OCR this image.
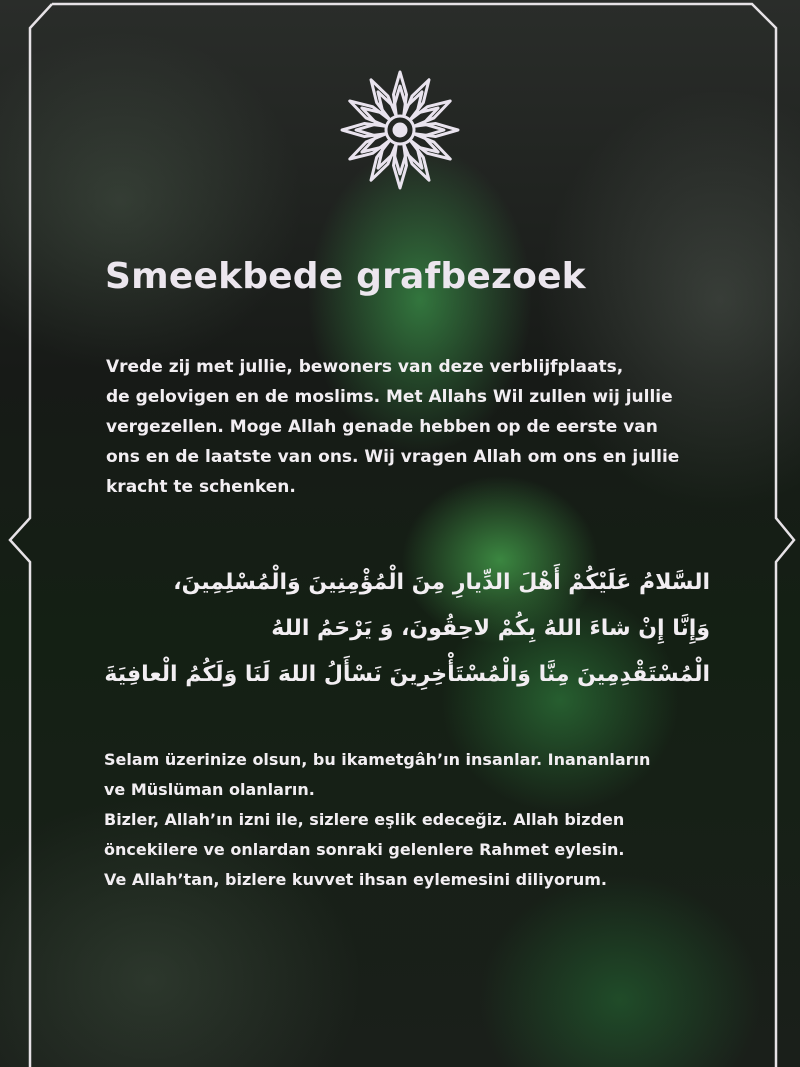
Smeekbede grafbezoek
Vrede zij met jullie, bewoners van deze verblijfplaats,
de gelovigen en de moslims. Met Allahs Wil zullen wij jullie
vergezellen. Moge Allah genade hebben op de eerste van
ons en de laatste van ons. Wij vragen Allah om ons en jullie
kracht te schenken.
السَّلامُ عَلَيْكُمْ أَهْلَ الدِّيارِ مِنَ الْمُؤْمِنِينَ وَالْمُسْلِمِينَ،
وَإِنَّا إِنْ شاءَ اللهُ بِكُمْ لاحِقُونَ، وَ يَرْحَمُ اللهُ
الْمُسْتَقْدِمِينَ مِنَّا وَالْمُسْتَأْخِرِينَ نَسْأَلُ اللهَ لَنَا وَلَكُمُ الْعافِيَةَ
Selam üzerinize olsun, bu ikametgâh’ın insanlar. Inananların
ve Müslüman olanların.
Bizler, Allah’ın izni ile, sizlere eşlik edeceğiz. Allah bizden
öncekilere ve onlardan sonraki gelenlere Rahmet eylesin.
Ve Allah’tan, bizlere kuvvet ihsan eylemesini diliyorum.
